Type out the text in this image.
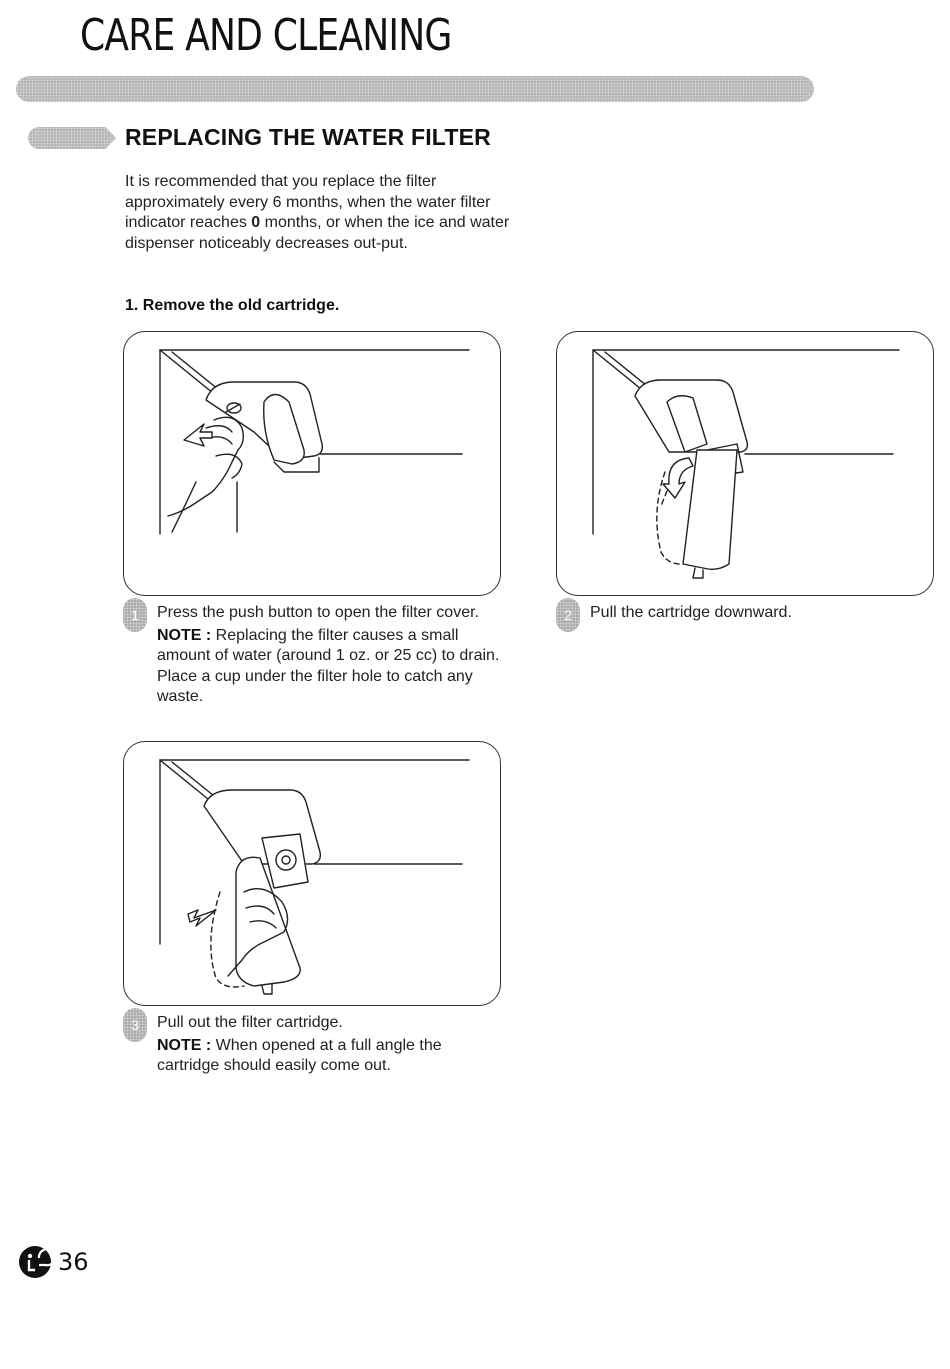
CARE AND CLEANING
REPLACING THE WATER FILTER

It is recommended that you replace the filter approximately every 6 months, when the water filter indicator reaches 0 months, or when the ice and water dispenser noticeably decreases out-put.

1. Remove the old cartridge.
1	Press the push button to open the filter cover.

NOTE : Replacing the filter causes a small amount of water (around 1 oz. or 25 cc) to drain. Place a cup under the filter hole to catch any waste.

2	Pull the cartridge downward.

3	Pull out the filter cartridge.

NOTE : When opened at a full angle the cartridge should easily come out.

36
